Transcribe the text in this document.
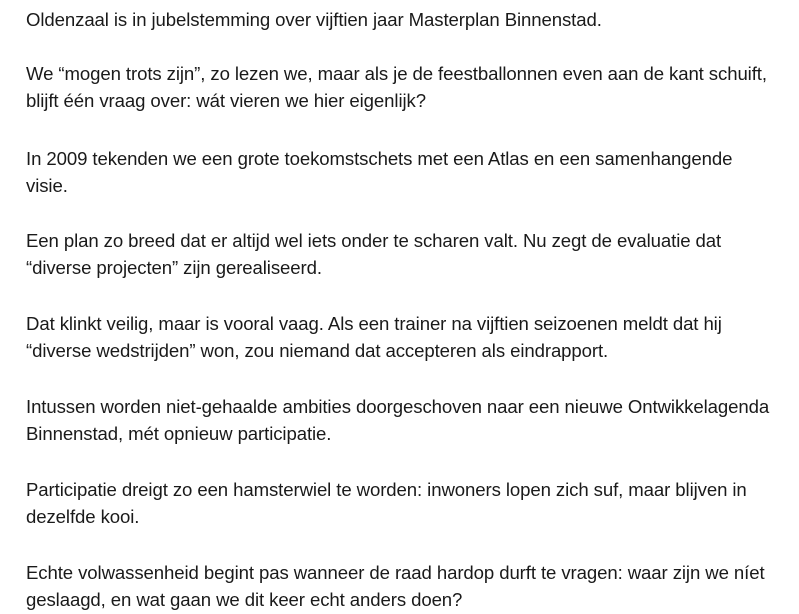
Oldenzaal is in jubelstemming over vijftien jaar Masterplan Binnenstad.

We “mogen trots zijn”, zo lezen we, maar als je de feestballonnen even aan de kant schuift,
blijft één vraag over: wát vieren we hier eigenlijk?

In 2009 tekenden we een grote toekomstschets met een Atlas en een samenhangende
visie.

Een plan zo breed dat er altijd wel iets onder te scharen valt. Nu zegt de evaluatie dat
“diverse projecten” zijn gerealiseerd.

Dat klinkt veilig, maar is vooral vaag. Als een trainer na vijftien seizoenen meldt dat hij
“diverse wedstrijden” won, zou niemand dat accepteren als eindrapport.

Intussen worden niet-gehaalde ambities doorgeschoven naar een nieuwe Ontwikkelagenda
Binnenstad, mét opnieuw participatie.

Participatie dreigt zo een hamsterwiel te worden: inwoners lopen zich suf, maar blijven in
dezelfde kooi.

Echte volwassenheid begint pas wanneer de raad hardop durft te vragen: waar zijn we níet
geslaagd, en wat gaan we dit keer echt anders doen?
